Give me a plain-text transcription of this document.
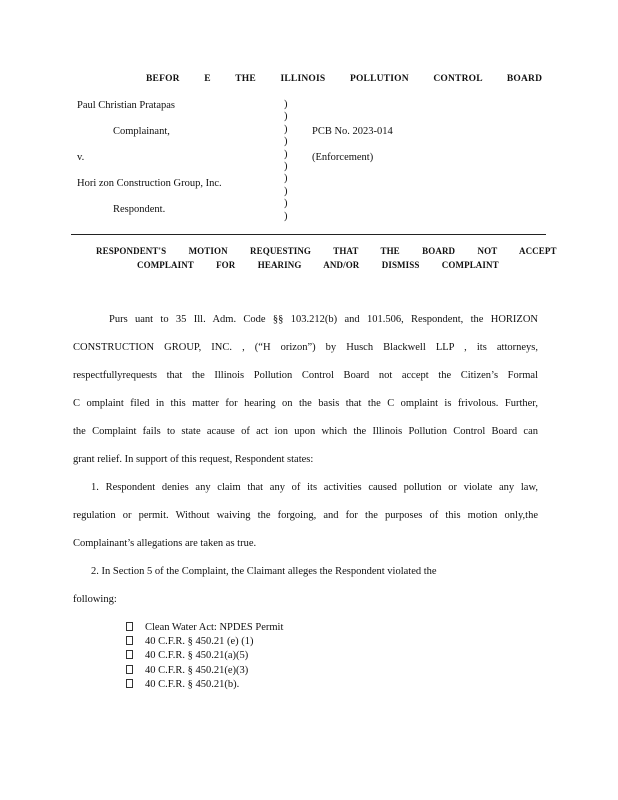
BEFOR E THE ILLINOIS POLLUTION CONTROL BOARD
Paul Christian Pratapas
Complainant,
v.
Hori zon Construction Group, Inc.
Respondent.
)
)
)
)
)
)
)
)
)
)
PCB No. 2023-014
(Enforcement)
RESPONDENT'S MOTION REQUESTING THAT THE BOARD NOT ACCEPT
COMPLAINT FOR HEARING AND/OR DISMISS COMPLAINT
Purs uant to 35 Ill. Adm. Code §§ 103.212(b) and 101.506, Respondent, the HORIZON
CONSTRUCTION GROUP, INC. , (“H orizon”) by Husch Blackwell LLP , its attorneys,
respectfullyrequests that the Illinois Pollution Control Board not accept the Citizen’s Formal
C omplaint filed in this matter for hearing on the basis that the C omplaint is frivolous. Further,
the Complaint fails to state acause of act ion upon which the Illinois Pollution Control Board can
grant relief. In support of this request, Respondent states:
1. Respondent denies any claim that any of its activities caused pollution or violate any law,
regulation or permit. Without waiving the forgoing, and for the purposes of this motion only,the
Complainant’s allegations are taken as true.
2. In Section 5 of the Complaint, the Claimant alleges the Respondent violated the
following:
Clean Water Act: NPDES Permit
40 C.F.R. § 450.21 (e) (1)
40 C.F.R. § 450.21(a)(5)
40 C.F.R. § 450.21(e)(3)
40 C.F.R. § 450.21(b).
